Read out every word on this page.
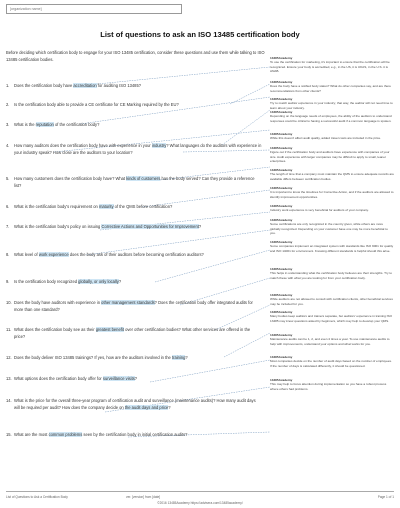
[organization name]
List of questions to ask an ISO 13485 certification body
Before deciding which certification body to engage for your ISO 13485 certification, consider these questions and use them while talking to ISO 13485 certification bodies.
1. Does the certification body have accreditation for auditing ISO 13485?
2. Is the certification body able to provide a CE certificate for CE Marking required by the EU?
3. What is the reputation of the certification body?
4. How many auditors does the certification body have with experience in your industry? What languages do the auditors with experience in your industry speak? How close are the auditors to your location?
5. How many customers does the certification body have? What kinds of customers has the body served? Can they provide a reference list?
6. What is the certification body's requirement on maturity of the QMS before certification?
7. What is the certification body's policy on issuing Corrective Actions and Opportunities for Improvement?
8. What level of work experience does the body ask of their auditors before becoming certification auditors?
9. Is the certification body recognized globally, or only locally?
10. Does the body have auditors with experience in other management standards? Does the certification body offer integrated audits for more than one standard?
11. What does the certification body see as their greatest benefit over other certification bodies? What other services are offered in the price?
12. Does the body deliver ISO 13485 trainings? If yes, how are the auditors involved in the training?
13. What options does the certification body offer for surveillance visits?
14. What is the price for the overall three-year program of certification audit and surveillance (maintenance audits)? How many audit days will be required per audit? How does the company decide on the audit days and price?
15. What are the most common problems seen by the certification body in initial certification audits?
13485Academy
To use the certification for marketing, it's important to ensure that the certification will be recognized. Ensure your body is accredited, e.g., in the US, it is UKAS, in the U.S. it is ANAB.
13485Academy
Does the body have a notified body status? What do other companies say, and are there recommendations from other clients?
13485Academy
Try to match auditor experience in your industry; that way, the auditor will not need time to learn about your industry.
13485Academy
Depending on the language needs of employees, the ability of the auditors to understand responses could be critical to having a successful audit if a common language is spoken.
13485Academy
While this doesn't affect audit quality, added travel costs are included in the price.
13485Academy
Figure out if the certification body and auditors have experience with companies of your size. Audit experience with larger companies may be difficult to apply to small, leaner enterprises.
13485Academy
The length of time that a company must maintain the QMS to ensure adequate records are available differs between certification bodies.
13485Academy
It is important to know the timelines for Corrective Action, and if the auditors are allowed to identify improvement opportunities.
13485Academy
Industry work experience is very beneficial for auditors of your company.
13485Academy
Some certifications are only recognized in the country given, while others are more globally recognized. Depending on your customer base one may be more beneficial to you.
13485Academy
Some companies implement an integrated system with standards like ISO 9001 for quality and ISO 14001 for environment. Knowing different standards is helpful should this arise.
13485Academy
This helps in understanding what the certification body believes are their strengths. Try to match these with what you are looking for from your certification body.
13485Academy
While auditors are not allowed to consult with certification clients, other beneficial services may be included for you.
13485Academy
Many bodies keep auditors and trainers separate, but auditors' experience in training ISO 13485 may know questions asked by beginners, which may help to develop your QMS.
13485Academy
Maintenance audits can be 1, 2, and even 4 times a year. To use maintenance audits to help with improvements, understand your options and what works for you.
13485Academy
Most companies decide on the number of audit days based on the number of employees. If the number of days is calculated differently, it should be questioned.
13485Academy
This may help to focus attention during implementation so you have a robust process where others had problems.
List of Questions to Ask a Certification Body	ver. [version] from [date]	Page 1 of 1
©2016 13485Academy https://advisera.com/13485academy/
